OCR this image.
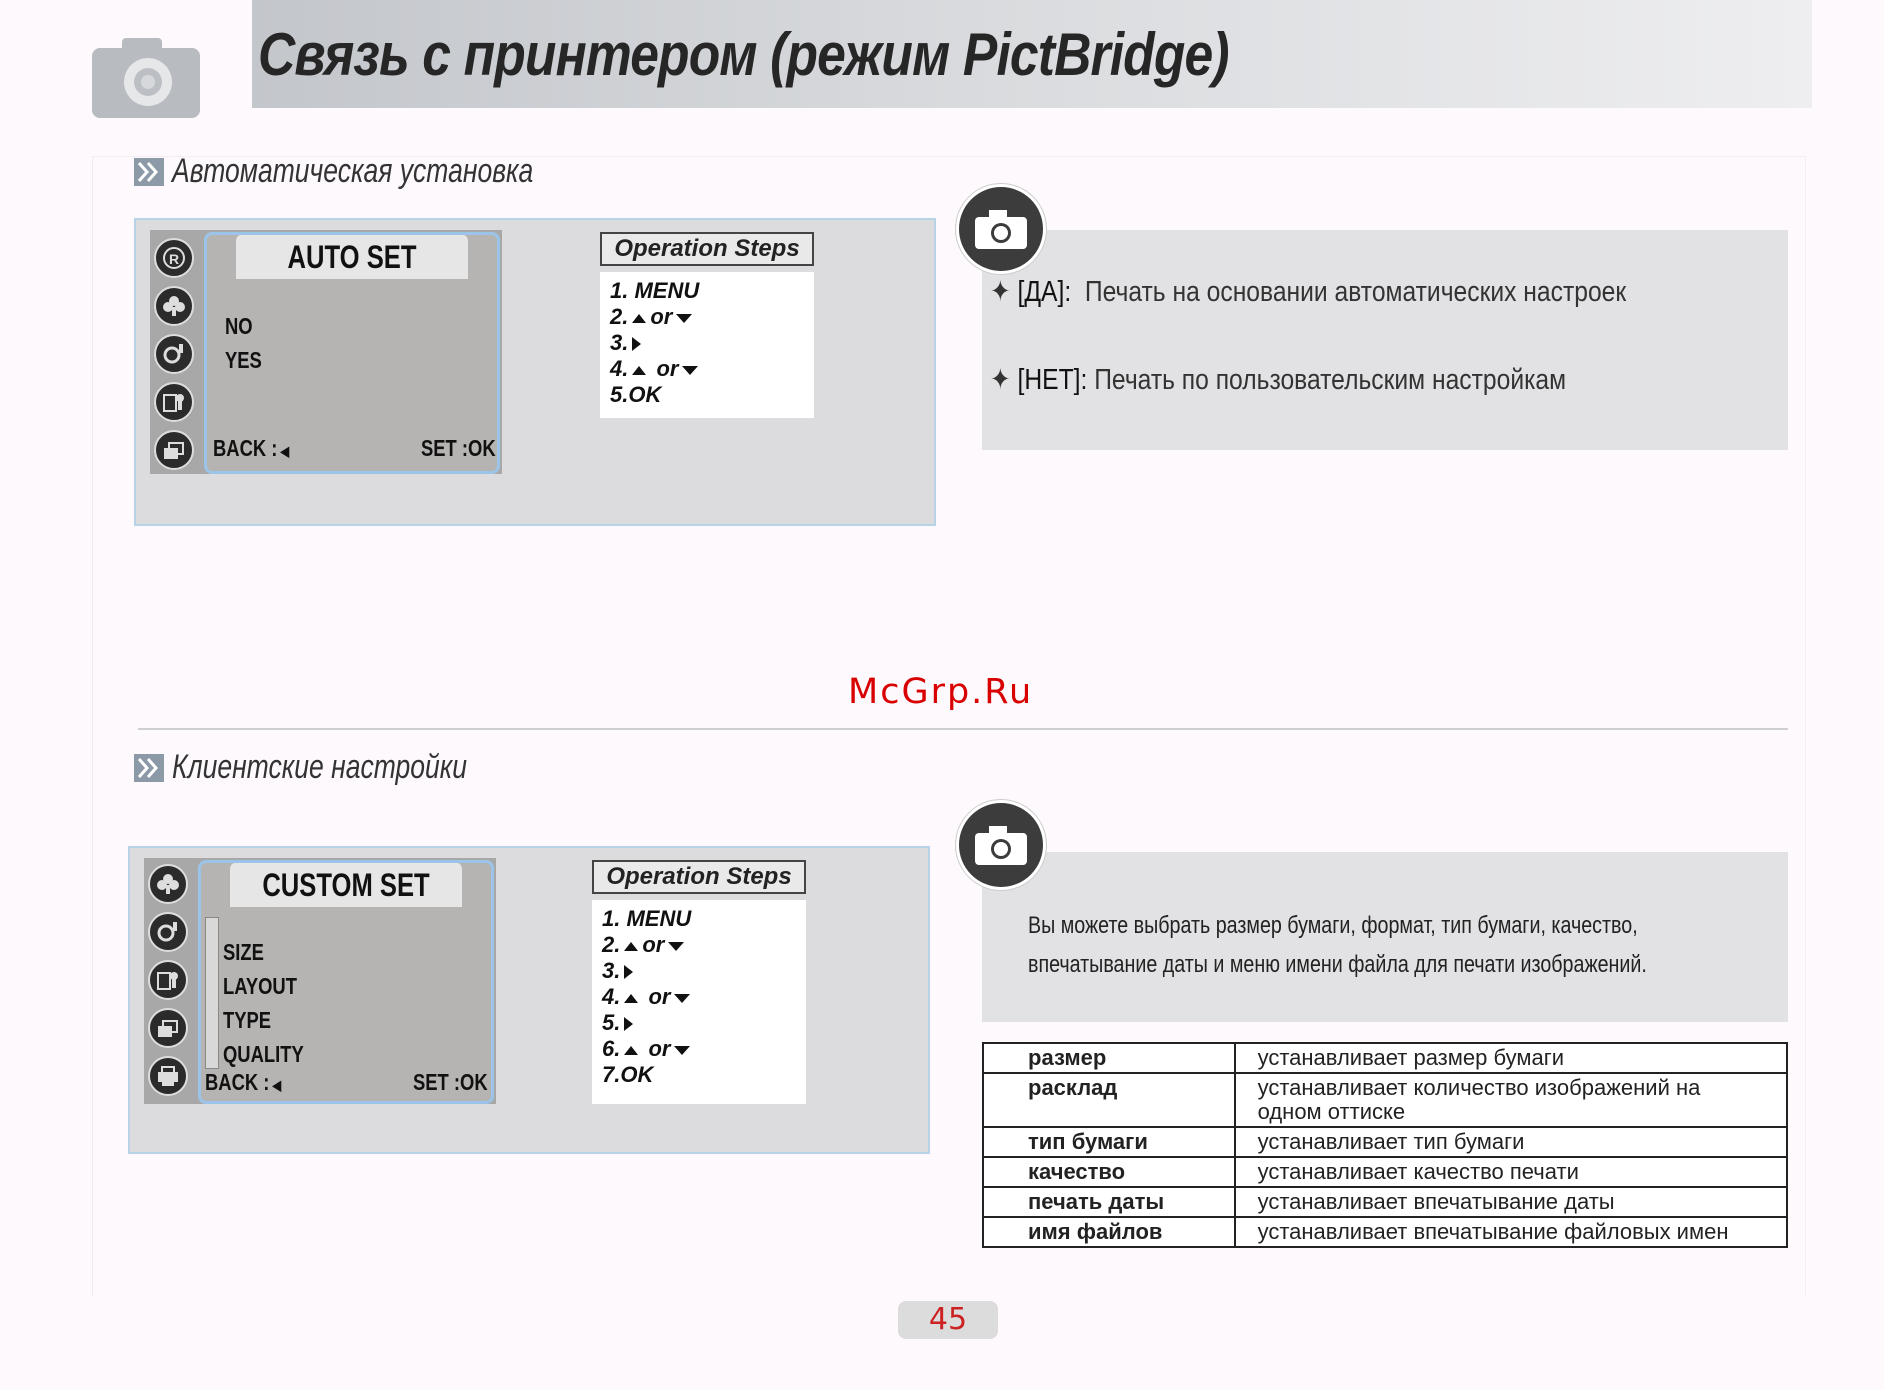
Связь с принтером (режим PictBridge)
Автоматическая установка
R	AUTO SET
NO
YES
BACK : ◀	SET :OK
Operation Steps
1. MENU
2. or
3.
4. or
5.OK
✦ [ДА]: Печать на основании автоматических настроек
✦ [НЕТ]: Печать по пользовательским настройкам
McGrp.Ru
Клиентские настройки
CUSTOM SET
SIZE
LAYOUT
TYPE
QUALITY
BACK : ◀	SET :OK
Operation Steps
1. MENU
2. or
3.
4. or
5.
6. or
7.OK
Вы можете выбрать размер бумаги, формат, тип бумаги, качество,
впечатывание даты и меню имени файла для печати изображений.
размер	устанавливает размер бумаги
расклад	устанавливает количество изображений на одном оттиске
тип бумаги	устанавливает тип бумаги
качество	устанавливает качество печати
печать даты	устанавливает впечатывание даты
имя файлов	устанавливает впечатывание файловых имен
45
